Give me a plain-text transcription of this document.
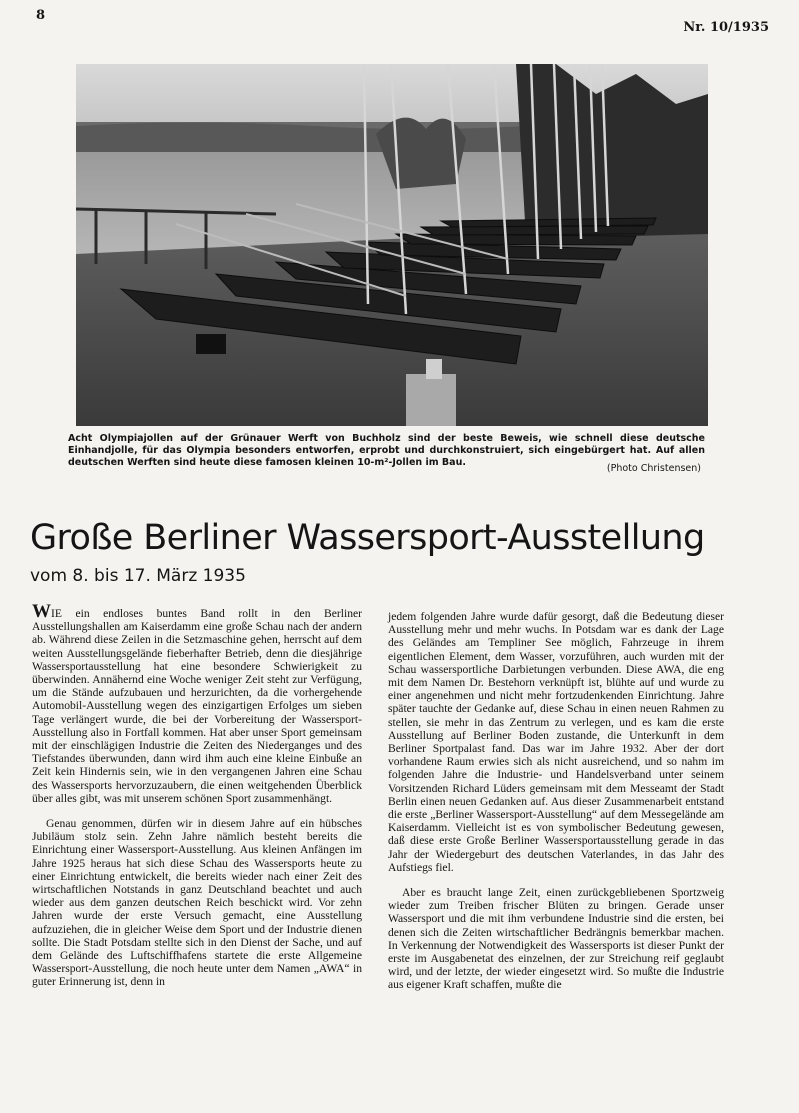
8
Nr. 10/1935
Acht Olympiajollen auf der Grünauer Werft von Buchholz sind der beste Beweis, wie schnell diese deutsche Einhandjolle, für das Olympia besonders entworfen, erprobt und durchkonstruiert, sich eingebürgert hat. Auf allen deutschen Werften sind heute diese famosen kleinen 10-m²-Jollen im Bau.
(Photo Christensen)
Große Berliner Wassersport-Ausstellung
vom 8. bis 17. März 1935

WIE ein endloses buntes Band rollt in den Berliner Ausstellungshallen am Kaiserdamm eine große Schau nach der andern ab. Während diese Zeilen in die Setzmaschine gehen, herrscht auf dem weiten Ausstellungsgelände fieberhafter Betrieb, denn die diesjährige Wassersportausstellung hat eine besondere Schwierigkeit zu überwinden. Annähernd eine Woche weniger Zeit steht zur Verfügung, um die Stände aufzubauen und herzurichten, da die vorhergehende Automobil-Ausstellung wegen des einzigartigen Erfolges um sieben Tage verlängert wurde, die bei der Vorbereitung der Wassersport-Ausstellung also in Fortfall kommen. Hat aber unser Sport gemeinsam mit der einschlägigen Industrie die Zeiten des Niederganges und des Tiefstandes überwunden, dann wird ihm auch eine kleine Einbuße an Zeit kein Hindernis sein, wie in den vergangenen Jahren eine Schau des Wassersports hervorzuzaubern, die einen weitgehenden Überblick über alles gibt, was mit unserem schönen Sport zusammenhängt.

Genau genommen, dürfen wir in diesem Jahre auf ein hübsches Jubiläum stolz sein. Zehn Jahre nämlich besteht bereits die Einrichtung einer Wassersport-Ausstellung. Aus kleinen Anfängen im Jahre 1925 heraus hat sich diese Schau des Wassersports heute zu einer Einrichtung entwickelt, die bereits wieder nach einer Zeit des wirtschaftlichen Notstands in ganz Deutschland beachtet und auch wieder aus dem ganzen deutschen Reich beschickt wird. Vor zehn Jahren wurde der erste Versuch gemacht, eine Ausstellung aufzuziehen, die in gleicher Weise dem Sport und der Industrie dienen sollte. Die Stadt Potsdam stellte sich in den Dienst der Sache, und auf dem Gelände des Luftschiffhafens startete die erste Allgemeine Wassersport-Ausstellung, die noch heute unter dem Namen „AWA“ in guter Erinnerung ist, denn in

jedem folgenden Jahre wurde dafür gesorgt, daß die Bedeutung dieser Ausstellung mehr und mehr wuchs. In Potsdam war es dank der Lage des Geländes am Templiner See möglich, Fahrzeuge in ihrem eigentlichen Element, dem Wasser, vorzuführen, auch wurden mit der Schau wassersportliche Darbietungen verbunden. Diese AWA, die eng mit dem Namen Dr. Bestehorn verknüpft ist, blühte auf und wurde zu einer angenehmen und nicht mehr fortzudenkenden Einrichtung. Jahre später tauchte der Gedanke auf, diese Schau in einen neuen Rahmen zu stellen, sie mehr in das Zentrum zu verlegen, und es kam die erste Ausstellung auf Berliner Boden zustande, die Unterkunft in dem Berliner Sportpalast fand. Das war im Jahre 1932. Aber der dort vorhandene Raum erwies sich als nicht ausreichend, und so nahm im folgenden Jahre die Industrie- und Handelsverband unter seinem Vorsitzenden Richard Lüders gemeinsam mit dem Messeamt der Stadt Berlin einen neuen Gedanken auf. Aus dieser Zusammenarbeit entstand die erste „Berliner Wassersport-Ausstellung“ auf dem Messegelände am Kaiserdamm. Vielleicht ist es von symbolischer Bedeutung gewesen, daß diese erste Große Berliner Wassersportausstellung gerade in das Jahr der Wiedergeburt des deutschen Vaterlandes, in das Jahr des Aufstiegs fiel.

Aber es braucht lange Zeit, einen zurückgebliebenen Sportzweig wieder zum Treiben frischer Blüten zu bringen. Gerade unser Wassersport und die mit ihm verbundene Industrie sind die ersten, bei denen sich die Zeiten wirtschaftlicher Bedrängnis bemerkbar machen. In Verkennung der Notwendigkeit des Wassersports ist dieser Punkt der erste im Ausgabenetat des einzelnen, der zur Streichung reif geglaubt wird, und der letzte, der wieder eingesetzt wird. So mußte die Industrie aus eigener Kraft schaffen, mußte die
